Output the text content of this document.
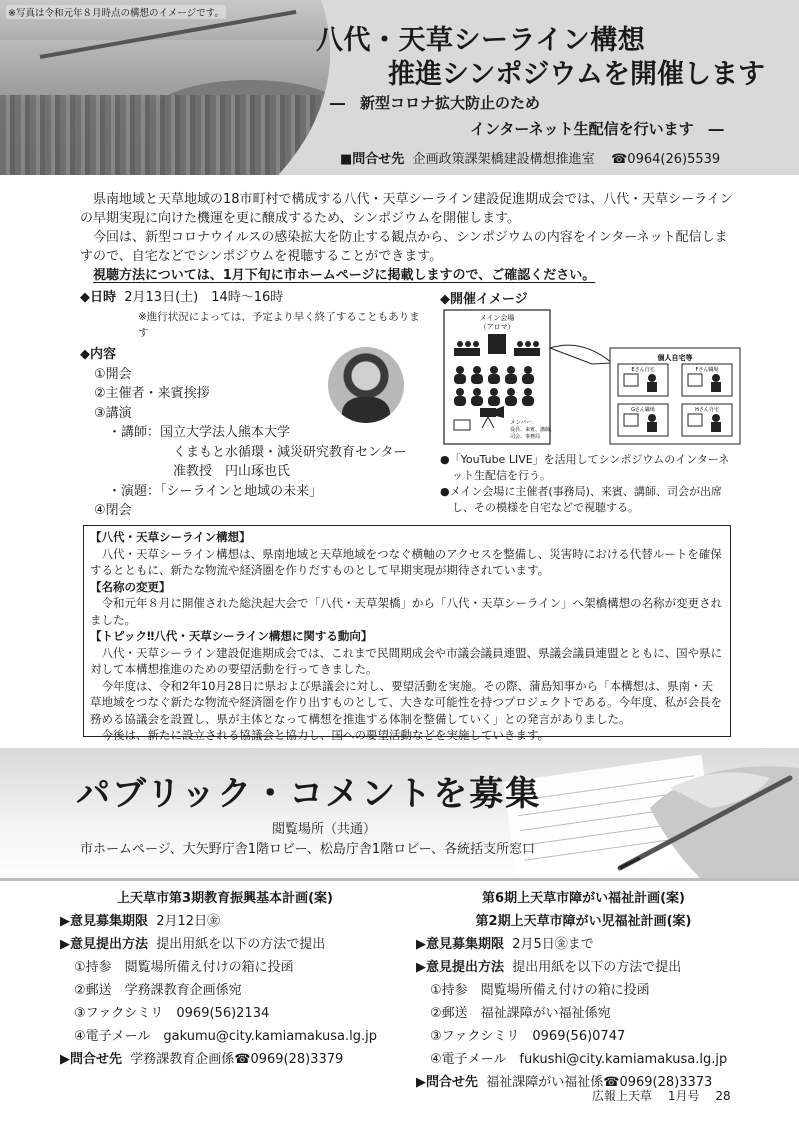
※写真は令和元年８月時点の構想のイメージです。
八代・天草シーライン構想
推進シンポジウムを開催します
―　新型コロナ拡大防止のため
インターネット生配信を行います　―
■問合せ先 企画政策課架橋建設構想推進室 ☎0964(26)5539

県南地域と天草地域の18市町村で構成する八代・天草シーライン建設促進期成会では、八代・天草シーラインの早期実現に向けた機運を更に醸成するため、シンポジウムを開催します。

今回は、新型コロナウイルスの感染拡大を防止する観点から、シンポジウムの内容をインターネット配信しますので、自宅などでシンポジウムを視聴することができます。

視聴方法については、1月下旬に市ホームページに掲載しますので、ご確認ください。

◆日時 2月13日(土)　14時〜16時
※進行状況によっては、予定より早く終了することもあります
◆内容
①開会
②主催者・来賓挨拶
③講演
・講師：国立大学法人熊本大学
くまもと水循環・減災研究教育センター
准教授　円山琢也氏
・演題：「シーラインと地域の未来」
④閉会
◆開催イメージ
メイン会場
（アロマ）
メンバー：
役員、来賓、講師、
司会、事務局
個人自宅等
Eさん自宅	Fさん職場
Gさん職場	Hさん自宅
●「YouTube LIVE」を活用してシンポジウムのインターネット生配信を行う。
●メイン会場に主催者(事務局)、来賓、講師、司会が出席し、その模様を自宅などで視聴する。
【八代・天草シーライン構想】

八代・天草シーライン構想は、県南地域と天草地域をつなぐ横軸のアクセスを整備し、災害時における代替ルートを確保するとともに、新たな物流や経済圏を作りだすものとして早期実現が期待されています。

【名称の変更】

令和元年８月に開催された総決起大会で「八代・天草架橋」から「八代・天草シーライン」へ架橋構想の名称が変更されました。

【トピック‼八代・天草シーライン構想に関する動向】

八代・天草シーライン建設促進期成会では、これまで民間期成会や市議会議員連盟、県議会議員連盟とともに、国や県に対して本構想推進のための要望活動を行ってきました。

今年度は、令和2年10月28日に県および県議会に対し、要望活動を実施。その際、蒲島知事から「本構想は、県南・天草地域をつなぐ新たな物流や経済圏を作り出すものとして、大きな可能性を持つプロジェクトである。今年度、私が会長を務める協議会を設置し、県が主体となって構想を推進する体制を整備していく」との発言がありました。

今後は、新たに設立される協議会と協力し、国への要望活動などを実施していきます。

パブリック・コメントを募集
閲覧場所（共通）
市ホームページ、大矢野庁舎1階ロビー、松島庁舎1階ロビー、各統括支所窓口
上天草市第3期教育振興基本計画(案)
▶意見募集期限 2月12日㊎
▶意見提出方法 提出用紙を以下の方法で提出
①持参　閲覧場所備え付けの箱に投函
②郵送　学務課教育企画係宛
③ファクシミリ　0969(56)2134
④電子メール　gakumu@city.kamiamakusa.lg.jp
▶問合せ先 学務課教育企画係☎0969(28)3379
第6期上天草市障がい福祉計画(案)
第2期上天草市障がい児福祉計画(案)
▶意見募集期限 2月5日㊎まで
▶意見提出方法 提出用紙を以下の方法で提出
①持参　閲覧場所備え付けの箱に投函
②郵送　福祉課障がい福祉係宛
③ファクシミリ　0969(56)0747
④電子メール　fukushi@city.kamiamakusa.lg.jp
▶問合せ先 福祉課障がい福祉係☎0969(28)3373
広報上天草 1月号 28
